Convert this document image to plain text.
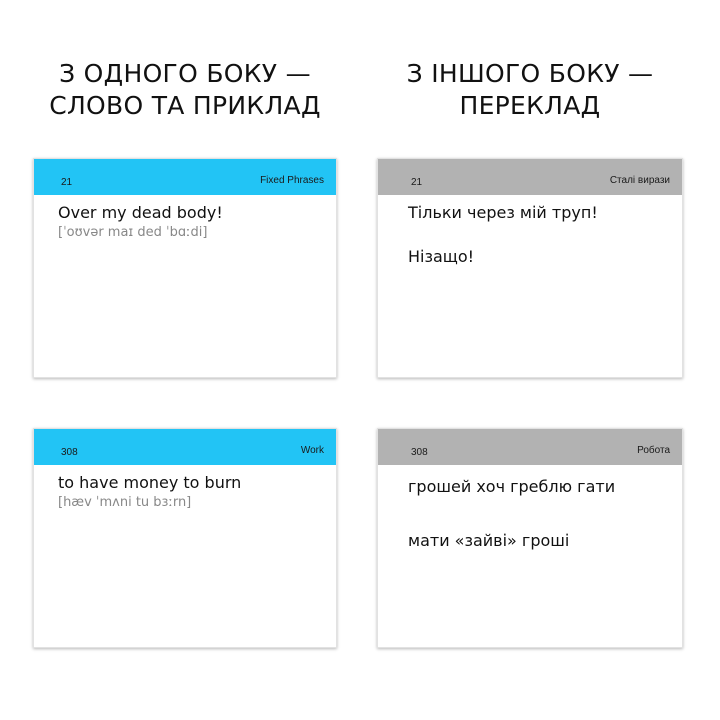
З ОДНОГО БОКУ —
СЛОВО ТА ПРИКЛАД
З ІНШОГО БОКУ —
ПЕРЕКЛАД
21	Fixed Phrases
Over my dead body!
[ˈoʊvər maɪ ded ˈbɑːdi]
21	Сталі вирази
Тільки через мій труп!
Нізащо!
308	Work
to have money to burn
[hæv ˈmʌni tu bɜːrn]
308	Робота
грошей хоч греблю гати
мати «зайві» гроші
